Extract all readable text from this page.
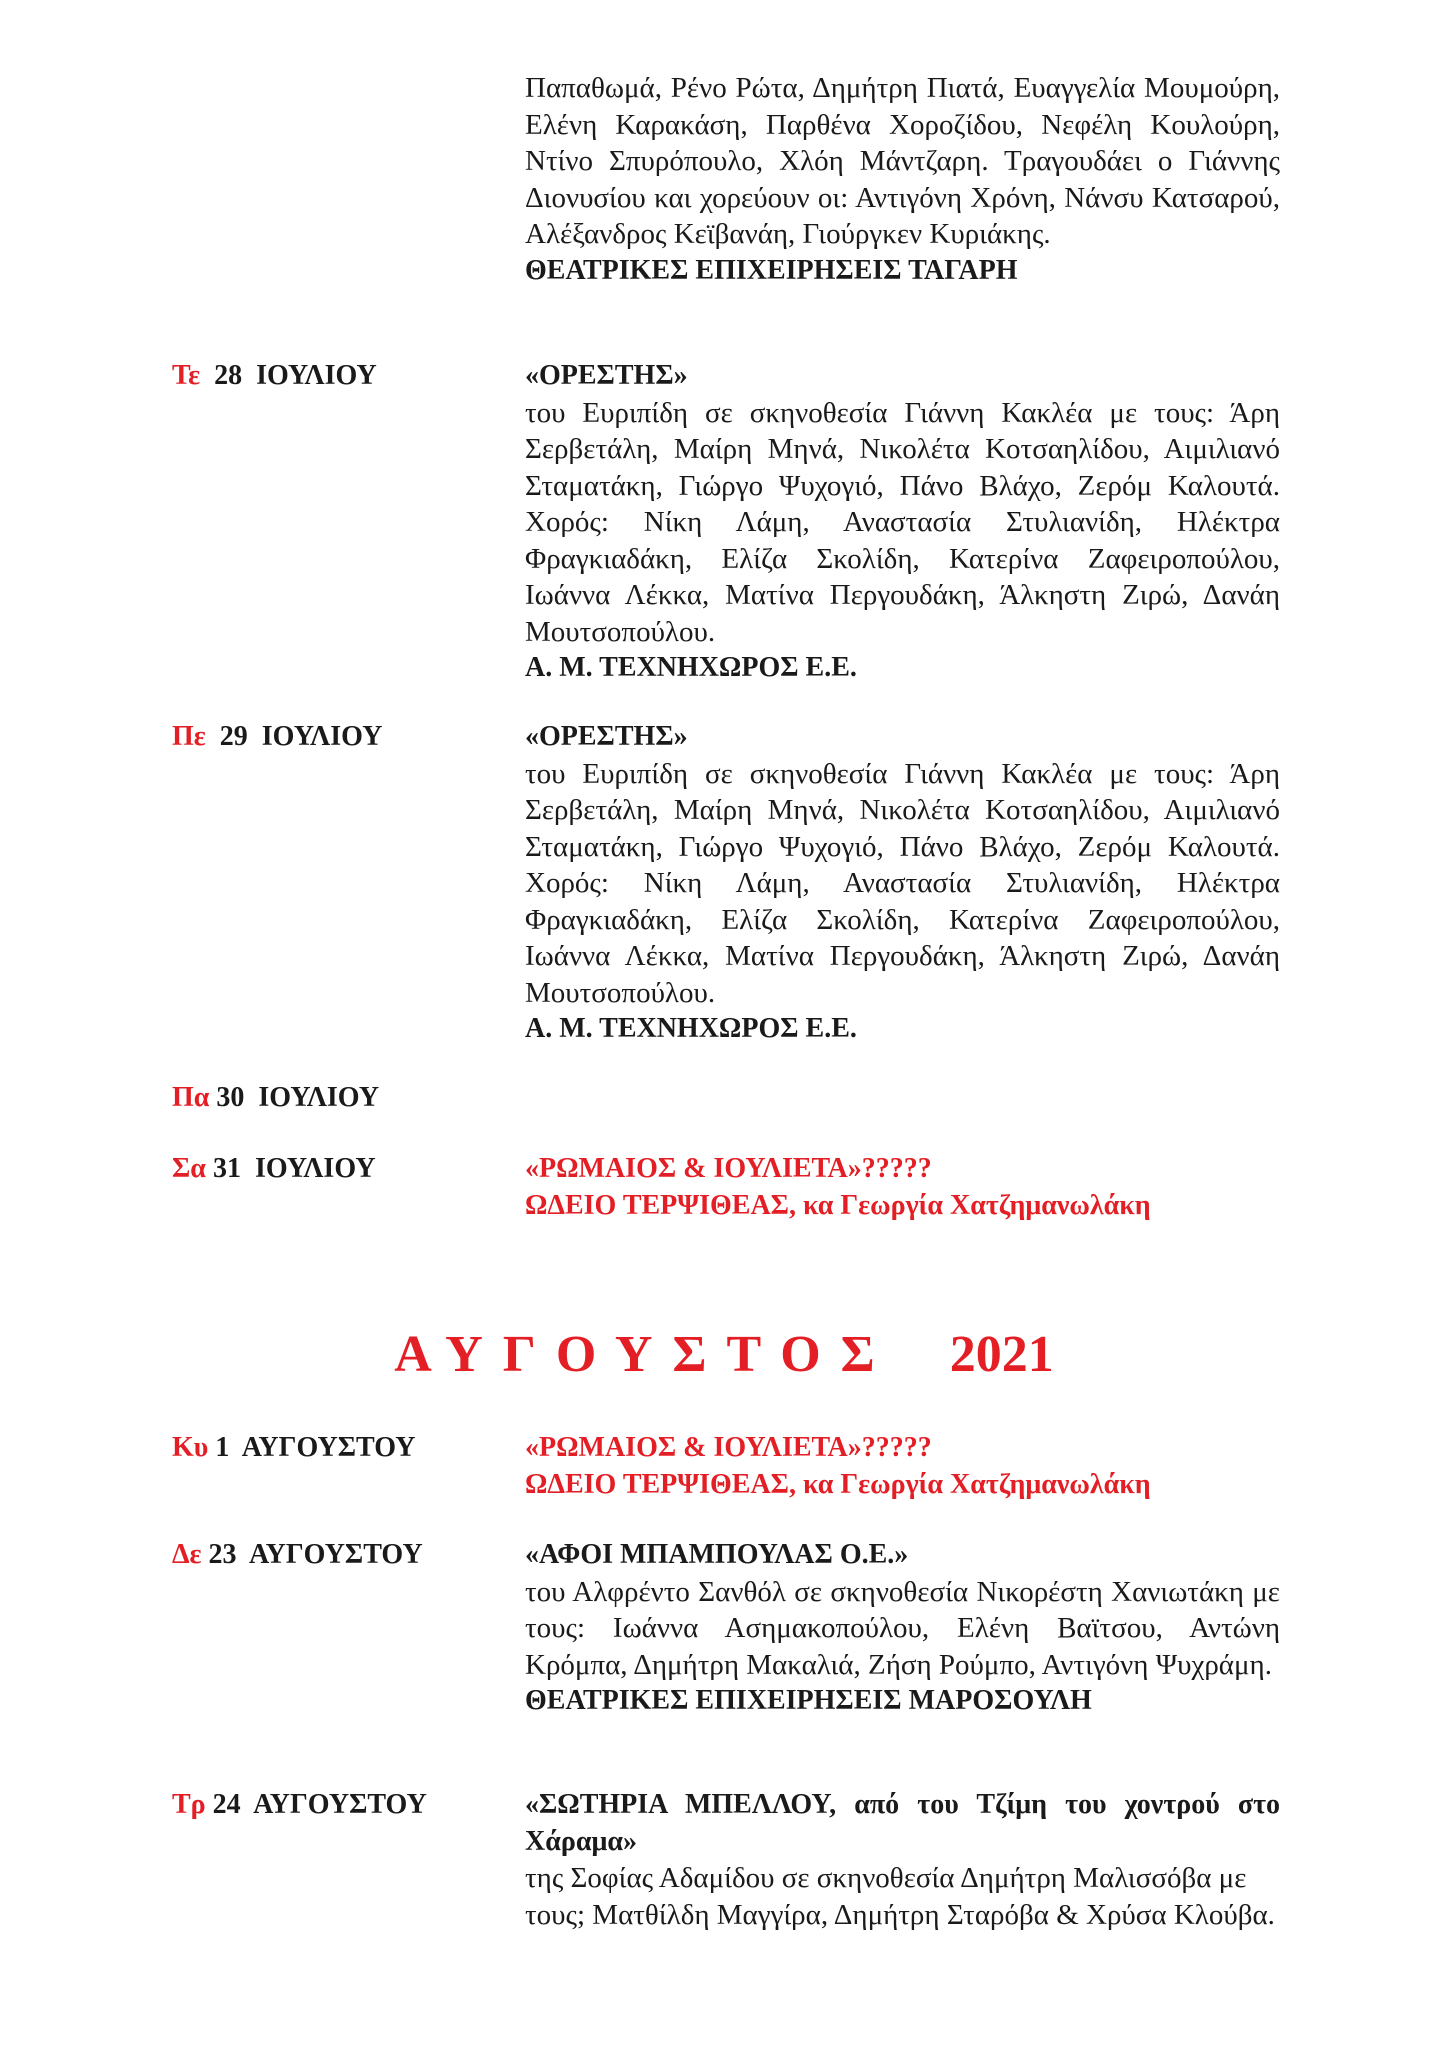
Παπαθωμά, Ρένο Ρώτα, Δημήτρη Πιατά, Ευαγγελία Μουμούρη, Ελένη Καρακάση, Παρθένα Χοροζίδου, Νεφέλη Κουλούρη, Ντίνο Σπυρόπουλο, Χλόη Μάντζαρη. Τραγουδάει ο Γιάννης Διονυσίου και χορεύουν οι: Αντιγόνη Χρόνη, Νάνσυ Κατσαρού, Αλέξανδρος Κεϊβανάη, Γιούργκεν Κυριάκης.

ΘΕΑΤΡΙΚΕΣ ΕΠΙΧΕΙΡΗΣΕΙΣ ΤΑΓΑΡΗ

Τε 28  ΙΟΥΛΙΟΥ	«ΟΡΕΣΤΗΣ»

του Ευριπίδη σε σκηνοθεσία Γιάννη Κακλέα με τους: Άρη Σερβετάλη, Μαίρη Μηνά, Νικολέτα Κοτσαηλίδου, Αιμιλιανό Σταματάκη, Γιώργο Ψυχογιό, Πάνο Βλάχο, Ζερόμ Καλουτά. Χορός: Νίκη Λάμη, Αναστασία Στυλιανίδη, Ηλέκτρα Φραγκιαδάκη, Ελίζα Σκολίδη, Κατερίνα Ζαφειροπούλου, Ιωάννα Λέκκα, Ματίνα Περγουδάκη, Άλκηστη Ζιρώ, Δανάη Μουτσοπούλου.

Α. Μ. ΤΕΧΝΗΧΩΡΟΣ Ε.Ε.

Πε 29  ΙΟΥΛΙΟΥ	«ΟΡΕΣΤΗΣ»

του Ευριπίδη σε σκηνοθεσία Γιάννη Κακλέα με τους: Άρη Σερβετάλη, Μαίρη Μηνά, Νικολέτα Κοτσαηλίδου, Αιμιλιανό Σταματάκη, Γιώργο Ψυχογιό, Πάνο Βλάχο, Ζερόμ Καλουτά. Χορός: Νίκη Λάμη, Αναστασία Στυλιανίδη, Ηλέκτρα Φραγκιαδάκη, Ελίζα Σκολίδη, Κατερίνα Ζαφειροπούλου, Ιωάννα Λέκκα, Ματίνα Περγουδάκη, Άλκηστη Ζιρώ, Δανάη Μουτσοπούλου.

Α. Μ. ΤΕΧΝΗΧΩΡΟΣ Ε.Ε.

Πα 30  ΙΟΥΛΙΟΥ
Σα 31  ΙΟΥΛΙΟΥ	«ΡΩΜΑΙΟΣ & ΙΟΥΛΙΕΤΑ»?????

ΩΔΕΙΟ ΤΕΡΨΙΘΕΑΣ, κα Γεωργία Χατζημανωλάκη

ΑΥΓΟΥΣΤΟΣ 2021
Κυ 1  ΑΥΓΟΥΣΤΟΥ	«ΡΩΜΑΙΟΣ & ΙΟΥΛΙΕΤΑ»?????

ΩΔΕΙΟ ΤΕΡΨΙΘΕΑΣ, κα Γεωργία Χατζημανωλάκη

Δε 23  ΑΥΓΟΥΣΤΟΥ	«ΑΦΟΙ ΜΠΑΜΠΟΥΛΑΣ Ο.Ε.»

του Αλφρέντο Σανθόλ σε σκηνοθεσία Νικορέστη Χανιωτάκη με τους: Ιωάννα Ασημακοπούλου, Ελένη Βαϊτσου, Αντώνη Κρόμπα, Δημήτρη Μακαλιά, Ζήση Ρούμπο, Αντιγόνη Ψυχράμη.

ΘΕΑΤΡΙΚΕΣ ΕΠΙΧΕΙΡΗΣΕΙΣ ΜΑΡΟΣΟΥΛΗ

Τρ 24  ΑΥΓΟΥΣΤΟΥ	«ΣΩΤΗΡΙΑ ΜΠΕΛΛΟΥ, από του Τζίμη του χοντρού στο Χάραμα»

της Σοφίας Αδαμίδου σε σκηνοθεσία Δημήτρη Μαλισσόβα με τους; Ματθίλδη Μαγγίρα, Δημήτρη Σταρόβα & Χρύσα Κλούβα.
